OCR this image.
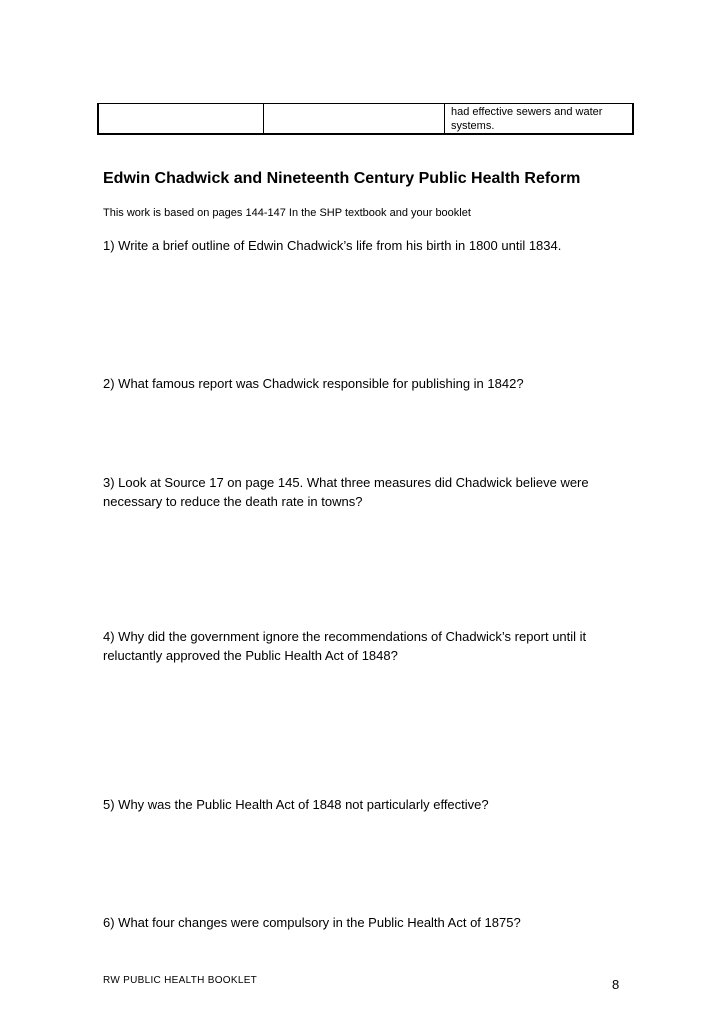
		had effective sewers and water systems.
Edwin Chadwick and Nineteenth Century Public Health Reform

This work is based on pages 144-147 In the SHP textbook and your booklet

1) Write a brief outline of Edwin Chadwick’s life from his birth in 1800 until 1834.

2) What famous report was Chadwick responsible for publishing in 1842?

3) Look at Source 17 on page 145. What three measures did Chadwick believe were necessary to reduce the death rate in towns?

4) Why did the government ignore the recommendations of Chadwick’s report until it reluctantly approved the Public Health Act of 1848?

5) Why was the Public Health Act of 1848 not particularly effective?

6) What four changes were compulsory in the Public Health Act of 1875?

RW PUBLIC HEALTH BOOKLET	8
